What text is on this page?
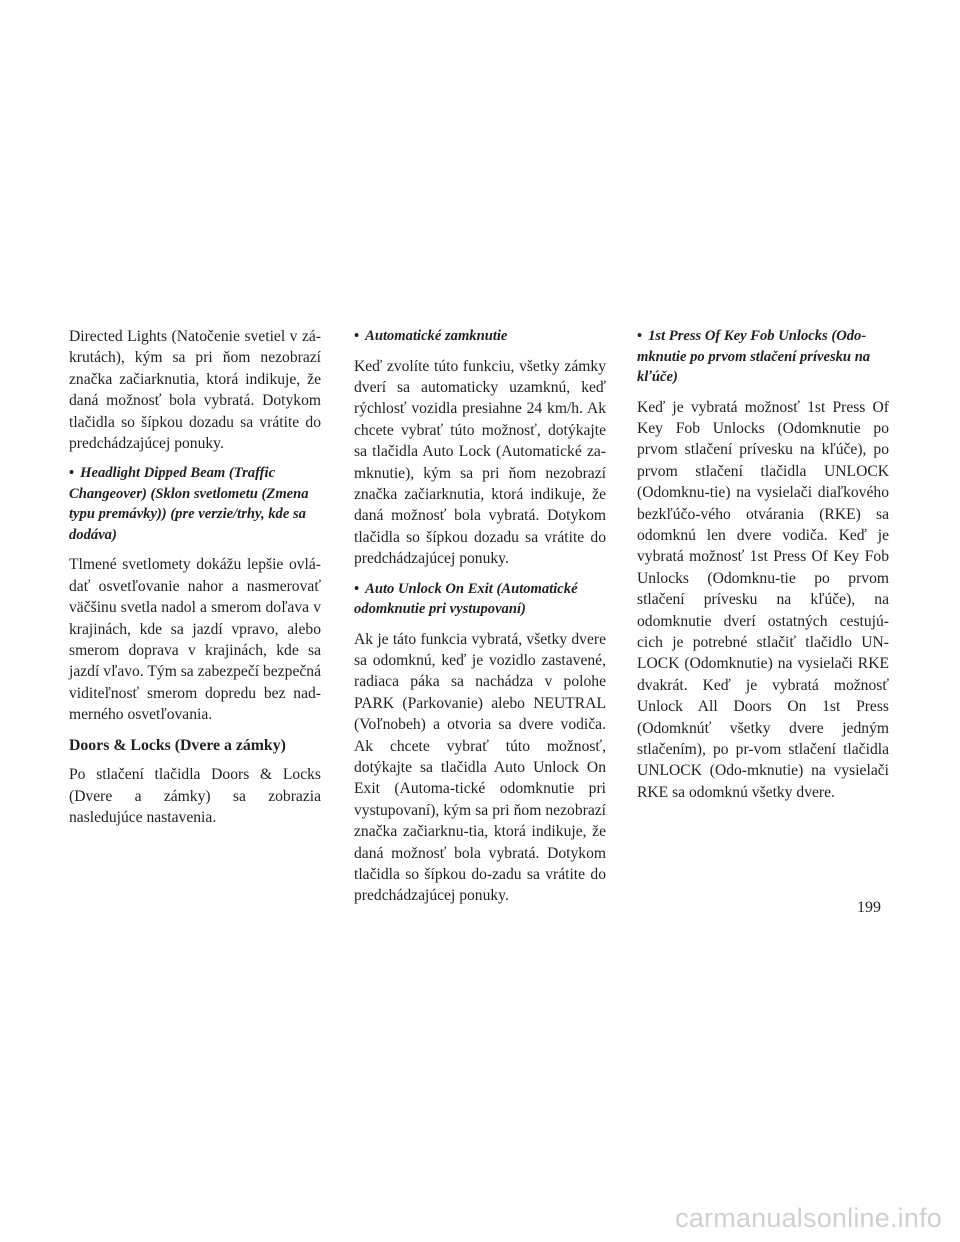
Directed Lights (Natočenie svetiel v zá-krutách), kým sa pri ňom nezobrazí značka začiarknutia, ktorá indikuje, že daná možnosť bola vybratá. Dotykom tlačidla so šípkou dozadu sa vrátite do predchádzajúcej ponuky.

• Headlight Dipped Beam (Traffic Changeover) (Sklon svetlometu (Zmena typu premávky)) (pre verzie/trhy, kde sa dodáva)

Tlmené svetlomety dokážu lepšie ovlá-dať osvetľovanie nahor a nasmerovať väčšinu svetla nadol a smerom doľava v krajinách, kde sa jazdí vpravo, alebo smerom doprava v krajinách, kde sa jazdí vľavo. Tým sa zabezpečí bezpečná viditeľnosť smerom dopredu bez nad-merného osvetľovania.

Doors & Locks (Dvere a zámky)

Po stlačení tlačidla Doors & Locks (Dvere a zámky) sa zobrazia nasledujúce nastavenia.

• Automatické zamknutie

Keď zvolíte túto funkciu, všetky zámky dverí sa automaticky uzamknú, keď rýchlosť vozidla presiahne 24 km/h. Ak chcete vybrať túto možnosť, dotýkajte sa tlačidla Auto Lock (Automatické za-mknutie), kým sa pri ňom nezobrazí značka začiarknutia, ktorá indikuje, že daná možnosť bola vybratá. Dotykom tlačidla so šípkou dozadu sa vrátite do predchádzajúcej ponuky.

• Auto Unlock On Exit (Automatické odomknutie pri vystupovaní)

Ak je táto funkcia vybratá, všetky dvere sa odomknú, keď je vozidlo zastavené, radiaca páka sa nachádza v polohe PARK (Parkovanie) alebo NEUTRAL (Voľnobeh) a otvoria sa dvere vodiča. Ak chcete vybrať túto možnosť, dotýkajte sa tlačidla Auto Unlock On Exit (Automa-tické odomknutie pri vystupovaní), kým sa pri ňom nezobrazí značka začiarknu-tia, ktorá indikuje, že daná možnosť bola vybratá. Dotykom tlačidla so šípkou do-zadu sa vrátite do predchádzajúcej ponuky.

• 1st Press Of Key Fob Unlocks (Odo-mknutie po prvom stlačení prívesku na kľúče)

Keď je vybratá možnosť 1st Press Of Key Fob Unlocks (Odomknutie po prvom stlačení prívesku na kľúče), po prvom stlačení tlačidla UNLOCK (Odomknu-tie) na vysielači diaľkového bezkľúčo-vého otvárania (RKE) sa odomknú len dvere vodiča. Keď je vybratá možnosť 1st Press Of Key Fob Unlocks (Odomknu-tie po prvom stlačení prívesku na kľúče), na odomknutie dverí ostatných cestujú-cich je potrebné stlačiť tlačidlo UN-LOCK (Odomknutie) na vysielači RKE dvakrát. Keď je vybratá možnosť Unlock All Doors On 1st Press (Odomknúť všetky dvere jedným stlačením), po pr-vom stlačení tlačidla UNLOCK (Odo-mknutie) na vysielači RKE sa odomknú všetky dvere.

199
carmanualsonline.info
